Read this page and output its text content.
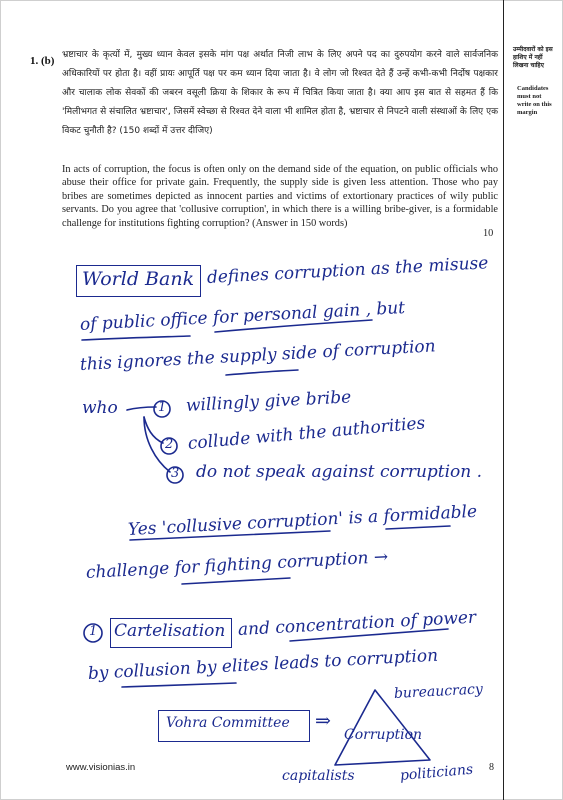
1. (b) भ्रष्टाचार के कृत्यों में, मुख्य ध्यान केवल इसके मांग पक्ष अर्थात निजी लाभ के लिए अपने पद का दुरुपयोग करने वाले सार्वजनिक अधिकारियों पर होता है। वहीं प्रायः आपूर्ति पक्ष पर कम ध्यान दिया जाता है। वे लोग जो रिश्वत देते हैं उन्हें कभी-कभी निर्दोष पक्षकार और चालाक लोक सेवकों की जबरन वसूली क्रिया के शिकार के रूप में चित्रित किया जाता है। क्या आप इस बात से सहमत हैं कि 'मिलीभगत से संचालित भ्रष्टाचार', जिसमें स्वेच्छा से रिश्वत देने वाला भी शामिल होता है, भ्रष्टाचार से निपटने वाली संस्थाओं के लिए एक विकट चुनौती है? (150 शब्दों में उत्तर दीजिए)
In acts of corruption, the focus is often only on the demand side of the equation, on public officials who abuse their office for private gain. Frequently, the supply side is given less attention. Those who pay bribes are sometimes depicted as innocent parties and victims of extortionary practices of wily public servants. Do you agree that 'collusive corruption', in which there is a willing bribe-giver, is a formidable challenge for institutions fighting corruption? (Answer in 150 words)
10
उम्मीदवारों को इस हाशिए में नहीं लिखना चाहिए
Candidates must not write on this margin
World Bank defines corruption as the misuse
of public office for personal gain , but
this ignores the supply side of corruption
who	1 willingly give bribe
2 collude with the authorities
3 do not speak against corruption .
Yes 'collusive corruption' is a formidable
challenge for fighting corruption →
1 Cartelisation and concentration of power
by collusion by elites leads to corruption
bureaucracy
Vohra Committee ⇒
Corruption
capitalists	politicians
www.visionias.in	8
